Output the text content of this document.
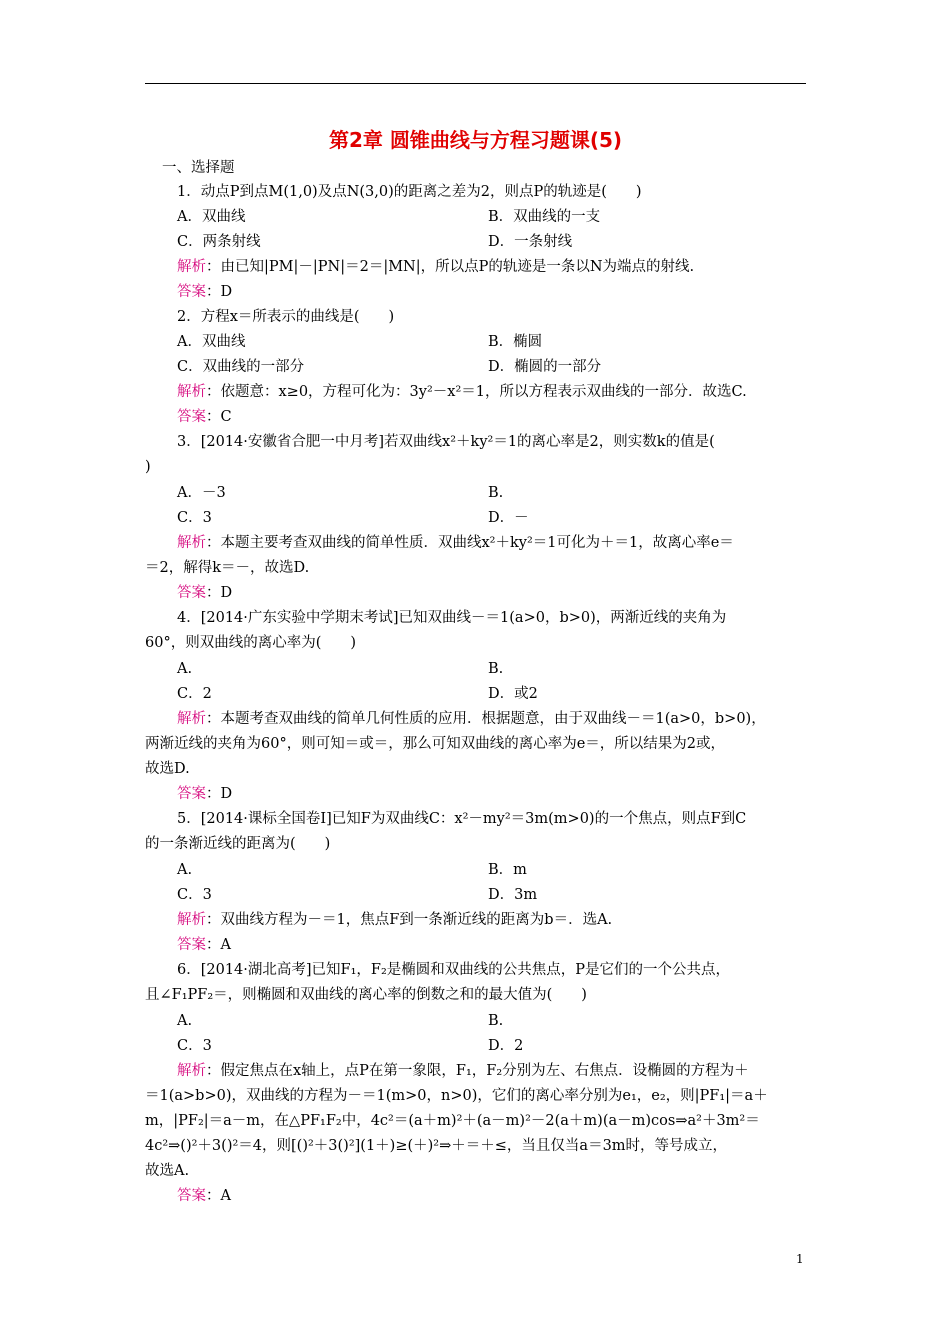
第2章 圆锥曲线与方程习题课(5)
一、选择题
1．动点P到点M(1,0)及点N(3,0)的距离之差为2，则点P的轨迹是(　　)
A．双曲线	B．双曲线的一支
C．两条射线	D．一条射线
解析：由已知|PM|－|PN|＝2＝|MN|，所以点P的轨迹是一条以N为端点的射线.
答案：D
2．方程x＝所表示的曲线是(　　)
A．双曲线	B．椭圆
C．双曲线的一部分	D．椭圆的一部分
解析：依题意：x≥0，方程可化为：3y²－x²＝1，所以方程表示双曲线的一部分．故选C.
答案：C
3．[2014·安徽省合肥一中月考]若双曲线x²＋ky²＝1的离心率是2，则实数k的值是(
)
A．－3	B.
C．3	D．－
解析：本题主要考查双曲线的简单性质．双曲线x²＋ky²＝1可化为＋＝1，故离心率e＝
＝2，解得k＝－，故选D.
答案：D
4．[2014·广东实验中学期末考试]已知双曲线－＝1(a>0，b>0)，两渐近线的夹角为
60°，则双曲线的离心率为(　　)
A.	B.
C．2	D．或2
解析：本题考查双曲线的简单几何性质的应用．根据题意，由于双曲线－＝1(a>0，b>0)，
两渐近线的夹角为60°，则可知＝或＝，那么可知双曲线的离心率为e＝，所以结果为2或，
故选D.
答案：D
5．[2014·课标全国卷Ⅰ]已知F为双曲线C：x²－my²＝3m(m>0)的一个焦点，则点F到C
的一条渐近线的距离为(　　)
A.	B．m
C．3	D．3m
解析：双曲线方程为－＝1，焦点F到一条渐近线的距离为b＝．选A.
答案：A
6．[2014·湖北高考]已知F₁，F₂是椭圆和双曲线的公共焦点，P是它们的一个公共点，
且∠F₁PF₂＝，则椭圆和双曲线的离心率的倒数之和的最大值为(　　)
A.	B.
C．3	D．2
解析：假定焦点在x轴上，点P在第一象限，F₁，F₂分别为左、右焦点．设椭圆的方程为＋
＝1(a>b>0)，双曲线的方程为－＝1(m>0，n>0)，它们的离心率分别为e₁，e₂，则|PF₁|＝a＋
m，|PF₂|＝a－m，在△PF₁F₂中，4c²＝(a＋m)²＋(a－m)²－2(a＋m)(a－m)cos⇒a²＋3m²＝
4c²⇒()²＋3()²＝4，则[()²＋3()²](1＋)≥(＋)²⇒＋＝＋≤，当且仅当a＝3m时，等号成立，
故选A.
答案：A
1
